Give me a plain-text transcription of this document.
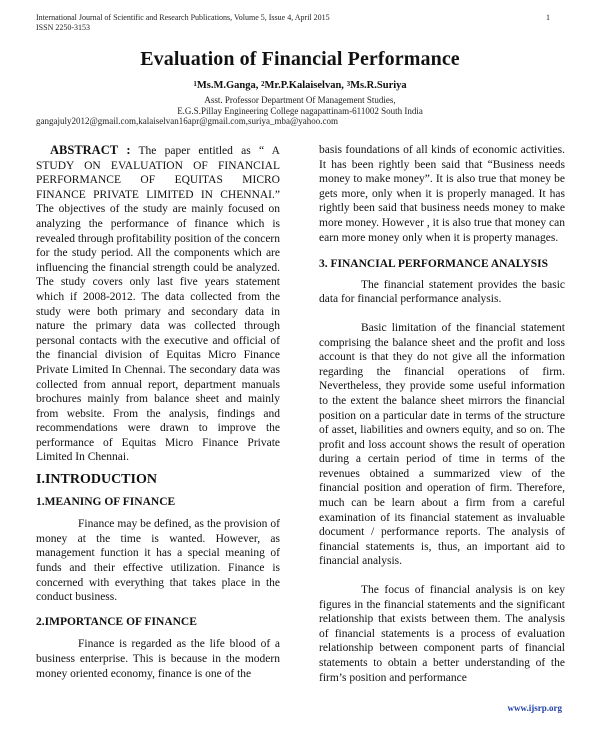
International Journal of Scientific and Research Publications, Volume 5, Issue 4, April 2015
ISSN 2250-3153
1
Evaluation of Financial Performance
$^1$Ms.M.Ganga, $^2$Mr.P.Kalaiselvan, $^3$Ms.R.Suriya
Asst. Professor Department Of Management Studies,
E.G.S.Pillay Engineering College nagapattinam-611002 South India
gangajuly2012@gmail.com,kalaiselvan16apr@gmail.com,suriya_mba@yahoo.com

ABSTRACT : The paper entitled as “ A STUDY ON EVALUATION OF FINANCIAL PERFORMANCE OF EQUITAS MICRO FINANCE PRIVATE LIMITED IN CHENNAI.” The objectives of the study are mainly focused on analyzing the performance of finance which is revealed through profitability position of the concern for the study period. All the components which are influencing the financial strength could be analyzed. The study covers only last five years statement which if 2008-2012. The data collected from the study were both primary and secondary data in nature the primary data was collected through personal contacts with the executive and official of the financial division of Equitas Micro Finance Private Limited In Chennai. The secondary data was collected from annual report, department manuals brochures mainly from balance sheet and mainly from website. From the analysis, findings and recommendations were drawn to improve the performance of Equitas Micro Finance Private Limited In Chennai.

I.INTRODUCTION
1.MEANING OF FINANCE

Finance may be defined, as the provision of money at the time is wanted. However, as management function it has a special meaning of funds and their effective utilization. Finance is concerned with everything that takes place in the conduct business.

2.IMPORTANCE OF FINANCE

Finance is regarded as the life blood of a business enterprise. This is because in the modern money oriented economy, finance is one of the

basis foundations of all kinds of economic activities. It has been rightly been said that “Business needs money to make money”. It is also true that money be gets more, only when it is properly managed. It has rightly been said that business needs money to make more money. However , it is also true that money can earn more money only when it is property manages.

3. FINANCIAL PERFORMANCE ANALYSIS

The financial statement provides the basic data for financial performance analysis.

Basic limitation of the financial statement comprising the balance sheet and the profit and loss account is that they do not give all the information regarding the financial operations of firm. Nevertheless, they provide some useful information to the extent the balance sheet mirrors the financial position on a particular date in terms of the structure of asset, liabilities and owners equity, and so on. The profit and loss account shows the result of operation during a certain period of time in terms of the revenues obtained a summarized view of the financial position and operation of firm. Therefore, much can be learn about a firm from a careful examination of its financial statement as invaluable document / performance reports. The analysis of financial statements is, thus, an important aid to financial analysis.

The focus of financial analysis is on key figures in the financial statements and the significant relationship that exists between them. The analysis of financial statements is a process of evaluation relationship between component parts of financial statements to obtain a better understanding of the firm’s position and performance

www.ijsrp.org
